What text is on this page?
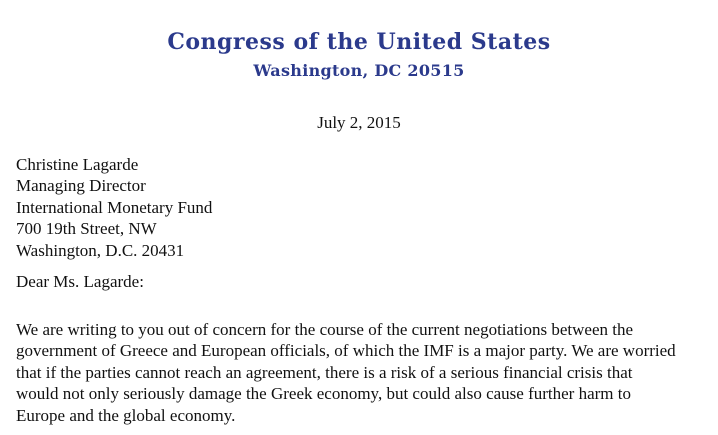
Congress of the United States
Washington, DC 20515
July 2, 2015
Christine Lagarde
Managing Director
International Monetary Fund
700 19th Street, NW
Washington, D.C. 20431
Dear Ms. Lagarde:
We are writing to you out of concern for the course of the current negotiations between the
government of Greece and European officials, of which the IMF is a major party. We are worried
that if the parties cannot reach an agreement, there is a risk of a serious financial crisis that
would not only seriously damage the Greek economy, but could also cause further harm to
Europe and the global economy.
